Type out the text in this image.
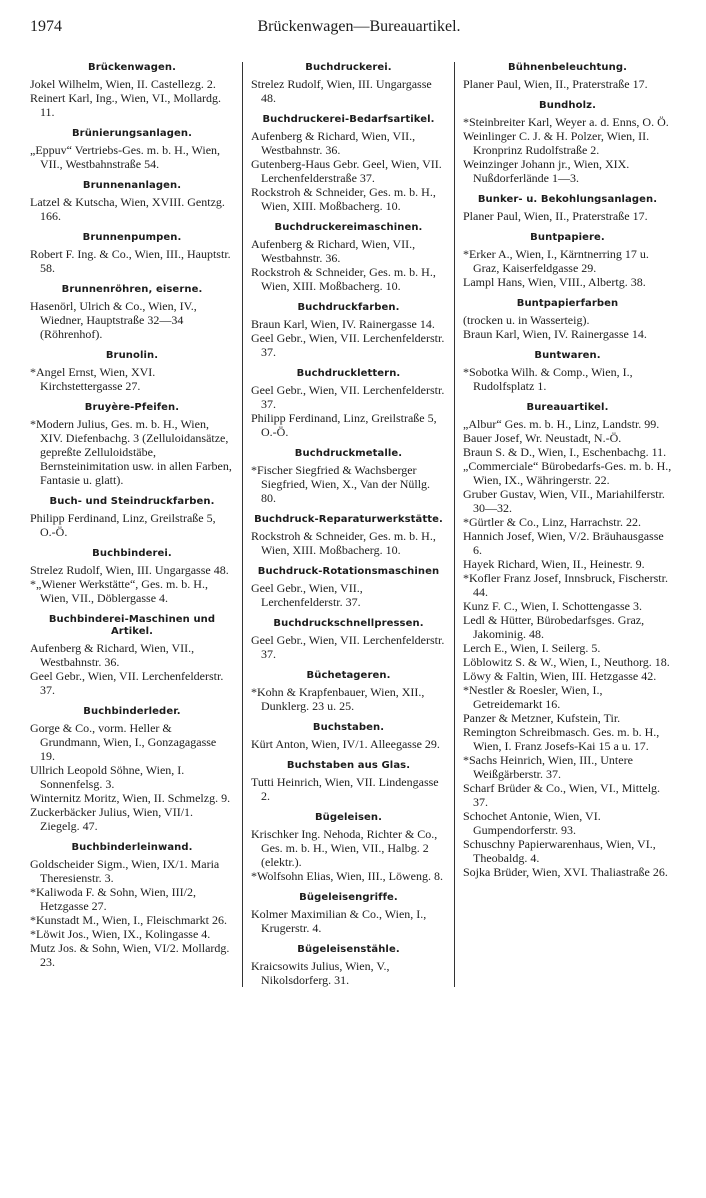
1974	Brückenwagen—Bureauartikel.
Brückenwagen.
Jokel Wilhelm, Wien, II. Castellezg. 2.
Reinert Karl, Ing., Wien, VI., Mollardg. 11.
Brünierungsanlagen.
„Eppuv“ Vertriebs-Ges. m. b. H., Wien, VII., Westbahnstraße 54.
Brunnenanlagen.
Latzel & Kutscha, Wien, XVIII. Gentzg. 166.
Brunnenpumpen.
Robert F. Ing. & Co., Wien, III., Hauptstr. 58.
Brunnenröhren, eiserne.
Hasenörl, Ulrich & Co., Wien, IV., Wiedner, Hauptstraße 32—34 (Röhrenhof).
Brunolin.
*Angel Ernst, Wien, XVI. Kirchstettergasse 27.
Bruyère-Pfeifen.
*Modern Julius, Ges. m. b. H., Wien, XIV. Diefenbachg. 3 (Zelluloidansätze, gepreßte Zelluloidstäbe, Bernsteinimitation usw. in allen Farben, Fantasie u. glatt).
Buch- und Steindruckfarben.
Philipp Ferdinand, Linz, Greilstraße 5, O.-Ö.
Buchbinderei.
Strelez Rudolf, Wien, III. Ungargasse 48.
*„Wiener Werkstätte“, Ges. m. b. H., Wien, VII., Döblergasse 4.
Buchbinderei-Maschinen und Artikel.
Aufenberg & Richard, Wien, VII., Westbahnstr. 36.
Geel Gebr., Wien, VII. Lerchenfelderstr. 37.
Buchbinderleder.
Gorge & Co., vorm. Heller & Grundmann, Wien, I., Gonzagagasse 19.
Ullrich Leopold Söhne, Wien, I. Sonnenfelsg. 3.
Winternitz Moritz, Wien, II. Schmelzg. 9.
Zuckerbäcker Julius, Wien, VII/1. Ziegelg. 47.
Buchbinderleinwand.
Goldscheider Sigm., Wien, IX/1. Maria Theresienstr. 3.
*Kaliwoda F. & Sohn, Wien, III/2, Hetzgasse 27.
*Kunstadt M., Wien, I., Fleischmarkt 26.
*Löwit Jos., Wien, IX., Kolingasse 4.
Mutz Jos. & Sohn, Wien, VI/2. Mollardg. 23.
Buchdruckerei.
Strelez Rudolf, Wien, III. Ungargasse 48.
Buchdruckerei-Bedarfsartikel.
Aufenberg & Richard, Wien, VII., Westbahnstr. 36.
Gutenberg-Haus Gebr. Geel, Wien, VII. Lerchenfelderstraße 37.
Rockstroh & Schneider, Ges. m. b. H., Wien, XIII. Moßbacherg. 10.
Buchdruckereimaschinen.
Aufenberg & Richard, Wien, VII., Westbahnstr. 36.
Rockstroh & Schneider, Ges. m. b. H., Wien, XIII. Moßbacherg. 10.
Buchdruckfarben.
Braun Karl, Wien, IV. Rainergasse 14.
Geel Gebr., Wien, VII. Lerchenfelderstr. 37.
Buchdrucklettern.
Geel Gebr., Wien, VII. Lerchenfelderstr. 37.
Philipp Ferdinand, Linz, Greilstraße 5, O.-Ö.
Buchdruckmetalle.
*Fischer Siegfried & Wachsberger Siegfried, Wien, X., Van der Nüllg. 80.
Buchdruck-Reparaturwerkstätte.
Rockstroh & Schneider, Ges. m. b. H., Wien, XIII. Moßbacherg. 10.
Buchdruck-Rotationsmaschinen
Geel Gebr., Wien, VII., Lerchenfelderstr. 37.
Buchdruckschnellpressen.
Geel Gebr., Wien, VII. Lerchenfelderstr. 37.
Büchetageren.
*Kohn & Krapfenbauer, Wien, XII., Dunklerg. 23 u. 25.
Buchstaben.
Kürt Anton, Wien, IV/1. Alleegasse 29.
Buchstaben aus Glas.
Tutti Heinrich, Wien, VII. Lindengasse 2.
Bügeleisen.
Krischker Ing. Nehoda, Richter & Co., Ges. m. b. H., Wien, VII., Halbg. 2 (elektr.).
*Wolfsohn Elias, Wien, III., Löweng. 8.
Bügeleisengriffe.
Kolmer Maximilian & Co., Wien, I., Krugerstr. 4.
Bügeleisenstähle.
Kraicsowits Julius, Wien, V., Nikolsdorferg. 31.
Bühnenbeleuchtung.
Planer Paul, Wien, II., Praterstraße 17.
Bundholz.
*Steinbreiter Karl, Weyer a. d. Enns, O. Ö.
Weinlinger C. J. & H. Polzer, Wien, II. Kronprinz Rudolfstraße 2.
Weinzinger Johann jr., Wien, XIX. Nußdorferlände 1—3.
Bunker- u. Bekohlungsanlagen.
Planer Paul, Wien, II., Praterstraße 17.
Buntpapiere.
*Erker A., Wien, I., Kärntnerring 17 u. Graz, Kaiserfeldgasse 29.
Lampl Hans, Wien, VIII., Albertg. 38.
Buntpapierfarben
(trocken u. in Wasserteig).
Braun Karl, Wien, IV. Rainergasse 14.
Buntwaren.
*Sobotka Wilh. & Comp., Wien, I., Rudolfsplatz 1.
Bureauartikel.
„Albur“ Ges. m. b. H., Linz, Landstr. 99.
Bauer Josef, Wr. Neustadt, N.-Ö.
Braun S. & D., Wien, I., Eschenbachg. 11.
„Commerciale“ Bürobedarfs-Ges. m. b. H., Wien, IX., Währingerstr. 22.
Gruber Gustav, Wien, VII., Mariahilferstr. 30—32.
*Gürtler & Co., Linz, Harrachstr. 22.
Hannich Josef, Wien, V/2. Bräuhausgasse 6.
Hayek Richard, Wien, II., Heinestr. 9.
*Kofler Franz Josef, Innsbruck, Fischerstr. 44.
Kunz F. C., Wien, I. Schottengasse 3.
Ledl & Hütter, Bürobedarfsges. Graz, Jakominig. 48.
Lerch E., Wien, I. Seilerg. 5.
Löblowitz S. & W., Wien, I., Neuthorg. 18.
Löwy & Faltin, Wien, III. Hetzgasse 42.
*Nestler & Roesler, Wien, I., Getreidemarkt 16.
Panzer & Metzner, Kufstein, Tir.
Remington Schreibmasch. Ges. m. b. H., Wien, I. Franz Josefs-Kai 15 a u. 17.
*Sachs Heinrich, Wien, III., Untere Weißgärberstr. 37.
Scharf Brüder & Co., Wien, VI., Mittelg. 37.
Schochet Antonie, Wien, VI. Gumpendorferstr. 93.
Schuschny Papierwarenhaus, Wien, VI., Theobaldg. 4.
Sojka Brüder, Wien, XVI. Thaliastraße 26.
